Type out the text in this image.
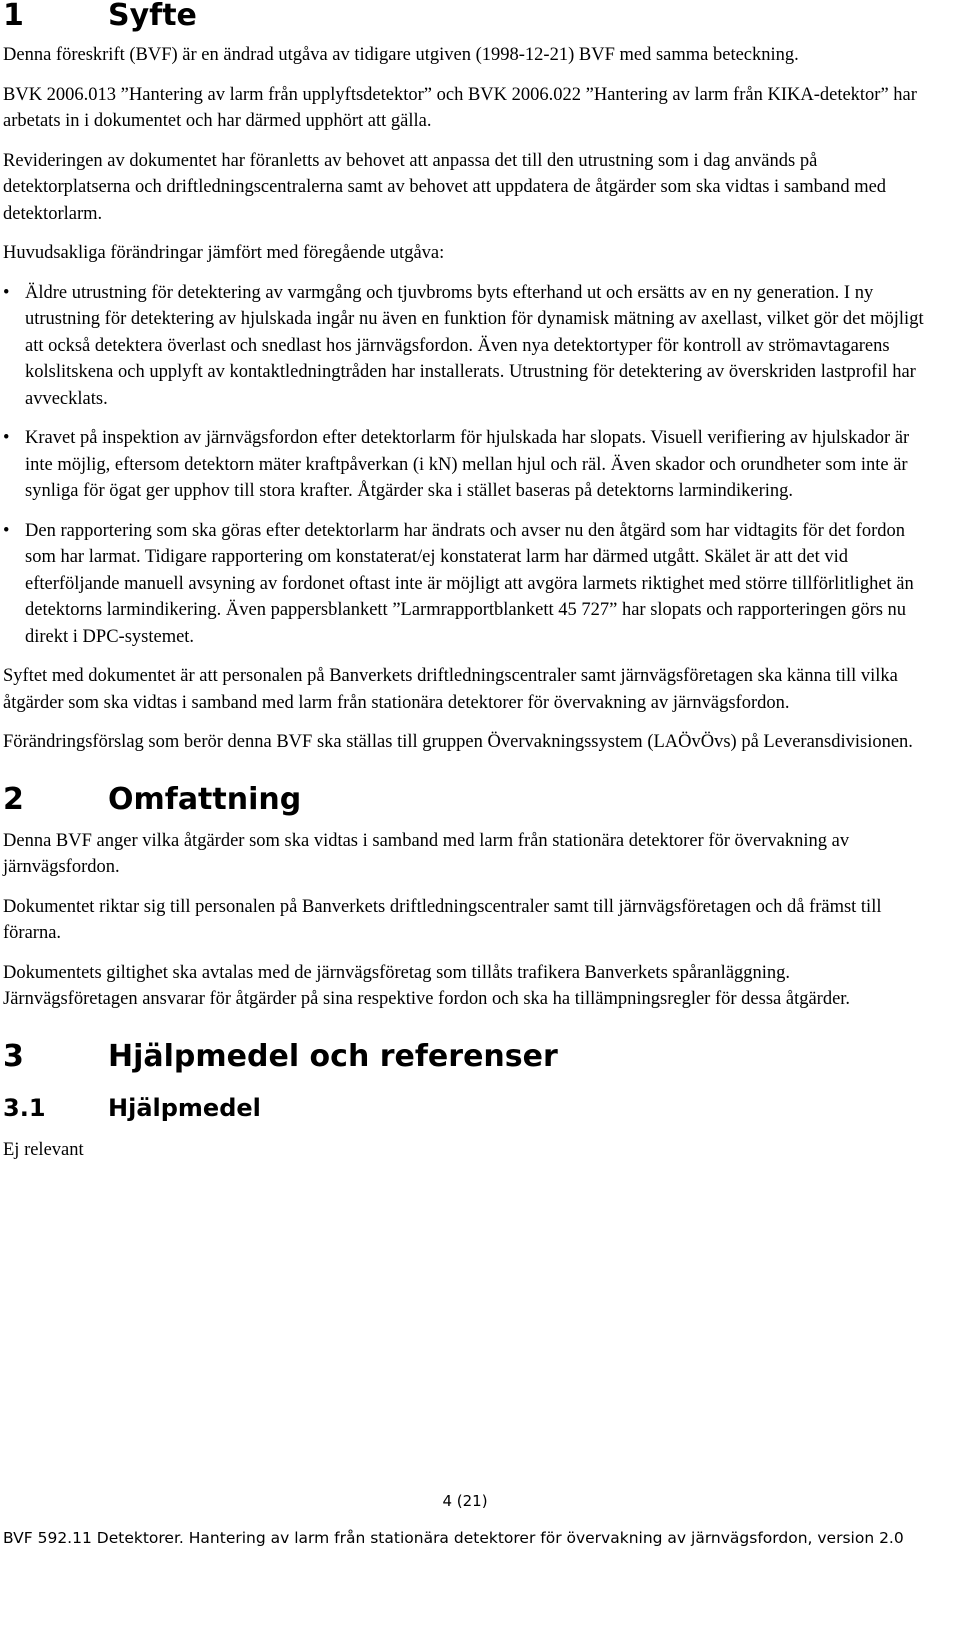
1	Syfte

Denna föreskrift (BVF) är en ändrad utgåva av tidigare utgiven (1998-12-21) BVF med samma beteckning.

BVK 2006.013 ”Hantering av larm från upplyftsdetektor” och BVK 2006.022 ”Hantering av larm från KIKA-detektor” har arbetats in i dokumentet och har därmed upphört att gälla.

Revideringen av dokumentet har föranletts av behovet att anpassa det till den utrustning som i dag används på detektorplatserna och driftledningscentralerna samt av behovet att uppdatera de åtgärder som ska vidtas i samband med detektorlarm.

Huvudsakliga förändringar jämfört med föregående utgåva:

• Äldre utrustning för detektering av varmgång och tjuvbroms byts efterhand ut och ersätts av en ny generation. I ny utrustning för detektering av hjulskada ingår nu även en funktion för dynamisk mätning av axellast, vilket gör det möjligt att också detektera överlast och snedlast hos järnvägsfordon. Även nya detektortyper för kontroll av strömavtagarens kolslitskena och upplyft av kontaktledningtråden har installerats. Utrustning för detektering av överskriden lastprofil har avvecklats.
• Kravet på inspektion av järnvägsfordon efter detektorlarm för hjulskada har slopats. Visuell verifiering av hjulskador är inte möjlig, eftersom detektorn mäter kraftpåverkan (i kN) mellan hjul och räl. Även skador och orundheter som inte är synliga för ögat ger upphov till stora krafter. Åtgärder ska i stället baseras på detektorns larmindikering.
• Den rapportering som ska göras efter detektorlarm har ändrats och avser nu den åtgärd som har vidtagits för det fordon som har larmat. Tidigare rapportering om konstaterat/ej konstaterat larm har därmed utgått. Skälet är att det vid efterföljande manuell avsyning av fordonet oftast inte är möjligt att avgöra larmets riktighet med större tillförlitlighet än detektorns larmindikering. Även pappersblankett ”Larmrapportblankett 45 727” har slopats och rapporteringen görs nu direkt i DPC-systemet.

Syftet med dokumentet är att personalen på Banverkets driftledningscentraler samt järnvägsföretagen ska känna till vilka åtgärder som ska vidtas i samband med larm från stationära detektorer för övervakning av järnvägsfordon.

Förändringsförslag som berör denna BVF ska ställas till gruppen Övervakningssystem (LAÖvÖvs) på Leveransdivisionen.

2	Omfattning

Denna BVF anger vilka åtgärder som ska vidtas i samband med larm från stationära detektorer för övervakning av järnvägsfordon.

Dokumentet riktar sig till personalen på Banverkets driftledningscentraler samt till järnvägsföretagen och då främst till förarna.

Dokumentets giltighet ska avtalas med de järnvägsföretag som tillåts trafikera Banverkets spåranläggning. Järnvägsföretagen ansvarar för åtgärder på sina respektive fordon och ska ha tillämpningsregler för dessa åtgärder.

3	Hjälpmedel och referenser
3.1	Hjälpmedel

Ej relevant

4 (21)
BVF 592.11 Detektorer. Hantering av larm från stationära detektorer för övervakning av järnvägsfordon, version 2.0
